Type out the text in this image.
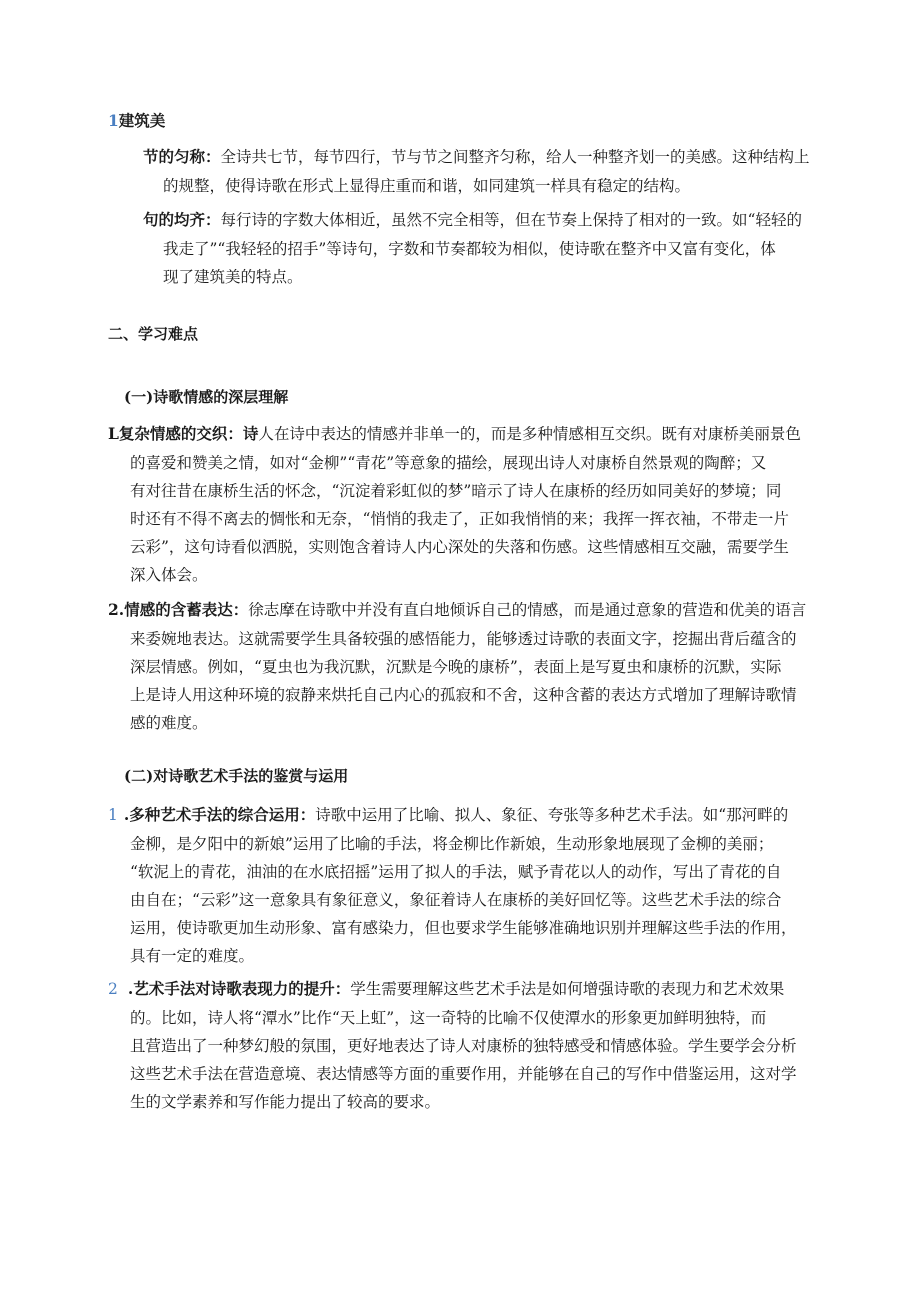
1建筑美
节的匀称：全诗共七节，每节四行，节与节之间整齐匀称，给人一种整齐划一的美感。这种结构上
的规整，使得诗歌在形式上显得庄重而和谐，如同建筑一样具有稳定的结构。
句的均齐：每行诗的字数大体相近，虽然不完全相等，但在节奏上保持了相对的一致。如“轻轻的
我走了”“我轻轻的招手”等诗句，字数和节奏都较为相似，使诗歌在整齐中又富有变化，体
现了建筑美的特点。
二、学习难点
(一)诗歌情感的深层理解
L复杂情感的交织：诗人在诗中表达的情感并非单一的，而是多种情感相互交织。既有对康桥美丽景色
的喜爱和赞美之情，如对“金柳”“青花”等意象的描绘，展现出诗人对康桥自然景观的陶醉；又
有对往昔在康桥生活的怀念，“沉淀着彩虹似的梦”暗示了诗人在康桥的经历如同美好的梦境；同
时还有不得不离去的惆怅和无奈，“悄悄的我走了，正如我悄悄的来；我挥一挥衣袖，不带走一片
云彩”，这句诗看似洒脱，实则饱含着诗人内心深处的失落和伤感。这些情感相互交融，需要学生
深入体会。
2.情感的含蓄表达：徐志摩在诗歌中并没有直白地倾诉自己的情感，而是通过意象的营造和优美的语言
来委婉地表达。这就需要学生具备较强的感悟能力，能够透过诗歌的表面文字，挖掘出背后蕴含的
深层情感。例如，“夏虫也为我沉默，沉默是今晚的康桥”，表面上是写夏虫和康桥的沉默，实际
上是诗人用这种环境的寂静来烘托自己内心的孤寂和不舍，这种含蓄的表达方式增加了理解诗歌情
感的难度。
(二)对诗歌艺术手法的鉴赏与运用
1 .多种艺术手法的综合运用：诗歌中运用了比喻、拟人、象征、夸张等多种艺术手法。如“那河畔的
金柳，是夕阳中的新娘”运用了比喻的手法，将金柳比作新娘，生动形象地展现了金柳的美丽；
“软泥上的青花，油油的在水底招摇”运用了拟人的手法，赋予青花以人的动作，写出了青花的自
由自在；“云彩”这一意象具有象征意义，象征着诗人在康桥的美好回忆等。这些艺术手法的综合
运用，使诗歌更加生动形象、富有感染力，但也要求学生能够准确地识别并理解这些手法的作用，
具有一定的难度。
2 .艺术手法对诗歌表现力的提升：学生需要理解这些艺术手法是如何增强诗歌的表现力和艺术效果
的。比如，诗人将“潭水”比作“天上虹”，这一奇特的比喻不仅使潭水的形象更加鲜明独特，而
且营造出了一种梦幻般的氛围，更好地表达了诗人对康桥的独特感受和情感体验。学生要学会分析
这些艺术手法在营造意境、表达情感等方面的重要作用，并能够在自己的写作中借鉴运用，这对学
生的文学素养和写作能力提出了较高的要求。
